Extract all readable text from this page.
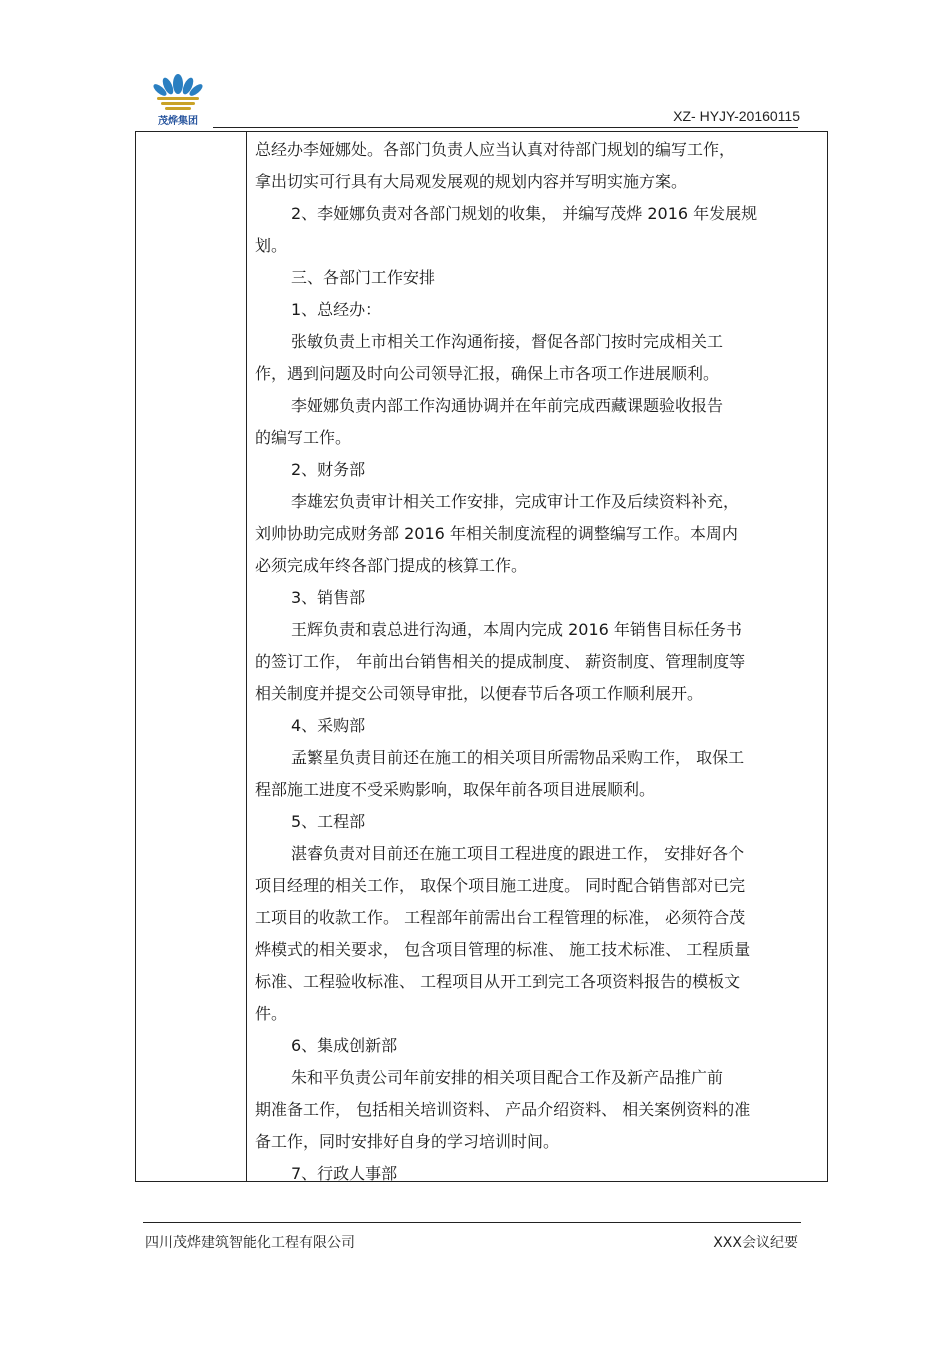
茂烨集团	XZ- HYJY-20160115

总经办李娅娜处。各部门负责人应当认真对待部门规划的编写工作，

拿出切实可行具有大局观发展观的规划内容并写明实施方案。

2、李娅娜负责对各部门规划的收集， 并编写茂烨 2016 年发展规

划。

三、各部门工作安排

1、总经办：

张敏负责上市相关工作沟通衔接，督促各部门按时完成相关工

作，遇到问题及时向公司领导汇报，确保上市各项工作进展顺利。

李娅娜负责内部工作沟通协调并在年前完成西藏课题验收报告

的编写工作。

2、财务部

李雄宏负责审计相关工作安排，完成审计工作及后续资料补充，

刘帅协助完成财务部 2016 年相关制度流程的调整编写工作。本周内

必须完成年终各部门提成的核算工作。

3、销售部

王辉负责和袁总进行沟通，本周内完成 2016 年销售目标任务书

的签订工作， 年前出台销售相关的提成制度、 薪资制度、管理制度等

相关制度并提交公司领导审批，以便春节后各项工作顺利展开。

4、采购部

孟繁星负责目前还在施工的相关项目所需物品采购工作， 取保工

程部施工进度不受采购影响，取保年前各项目进展顺利。

5、工程部

湛睿负责对目前还在施工项目工程进度的跟进工作， 安排好各个

项目经理的相关工作， 取保个项目施工进度。 同时配合销售部对已完

工项目的收款工作。 工程部年前需出台工程管理的标准， 必须符合茂

烨模式的相关要求， 包含项目管理的标准、 施工技术标准、 工程质量

标准、工程验收标准、 工程项目从开工到完工各项资料报告的模板文

件。

6、集成创新部

朱和平负责公司年前安排的相关项目配合工作及新产品推广前

期准备工作， 包括相关培训资料、 产品介绍资料、 相关案例资料的准

备工作，同时安排好自身的学习培训时间。

7、行政人事部

四川茂烨建筑智能化工程有限公司	XXX会议纪要
